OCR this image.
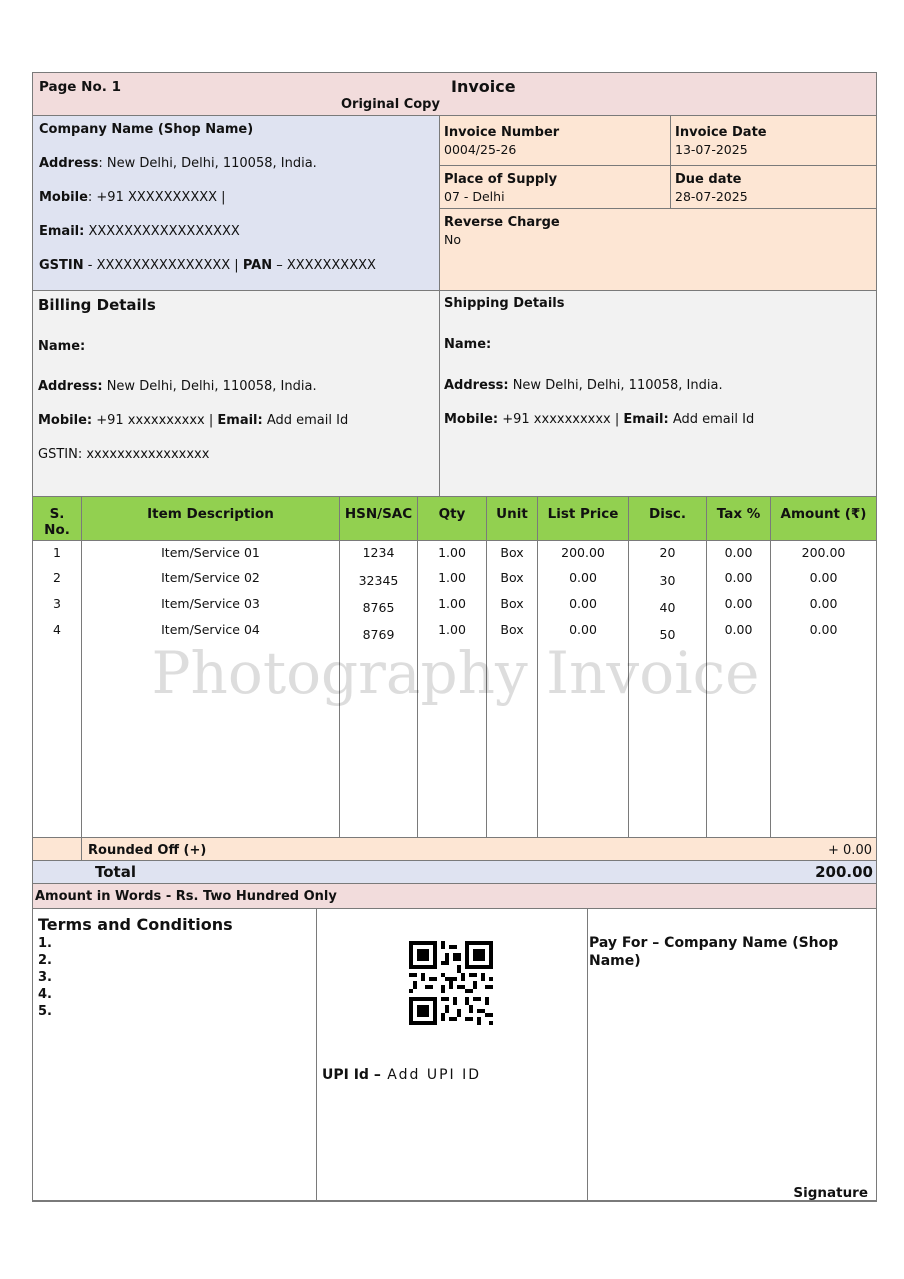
Page No. 1	Invoice
Original Copy
Company Name (Shop Name)
Address: New Delhi, Delhi, 110058, India.
Mobile: +91 XXXXXXXXXX |
Email: XXXXXXXXXXXXXXXXX
GSTIN - XXXXXXXXXXXXXXX | PAN – XXXXXXXXXX
Invoice Number
0004/25-26
Invoice Date
13-07-2025
Place of Supply
07 - Delhi
Due date
28-07-2025
Reverse Charge
No
Billing Details
Name:
Address: New Delhi, Delhi, 110058, India.
Mobile: +91 xxxxxxxxxx | Email: Add email Id
GSTIN: xxxxxxxxxxxxxxxx
Shipping Details
Name:
Address: New Delhi, Delhi, 110058, India.
Mobile: +91 xxxxxxxxxx | Email: Add email Id
S.
No.
Item Description	HSN/SAC	Qty	Unit	List Price	Disc.	Tax %	Amount (₹)
1	Item/Service 01	1234	1.00	Box	200.00	20	0.00	200.00
2	Item/Service 02	32345	1.00	Box	0.00	30	0.00	0.00
3	Item/Service 03	8765	1.00	Box	0.00	40	0.00	0.00
4	Item/Service 04	8769	1.00	Box	0.00	50	0.00	0.00
Photography Invoice
Rounded Off (+)	+ 0.00
Total	200.00
Amount in Words - Rs. Two Hundred Only
Terms and Conditions
1.
2.
3.
4.
5.
UPI Id – Add UPI ID
Pay For – Company Name (Shop Name)
Signature
